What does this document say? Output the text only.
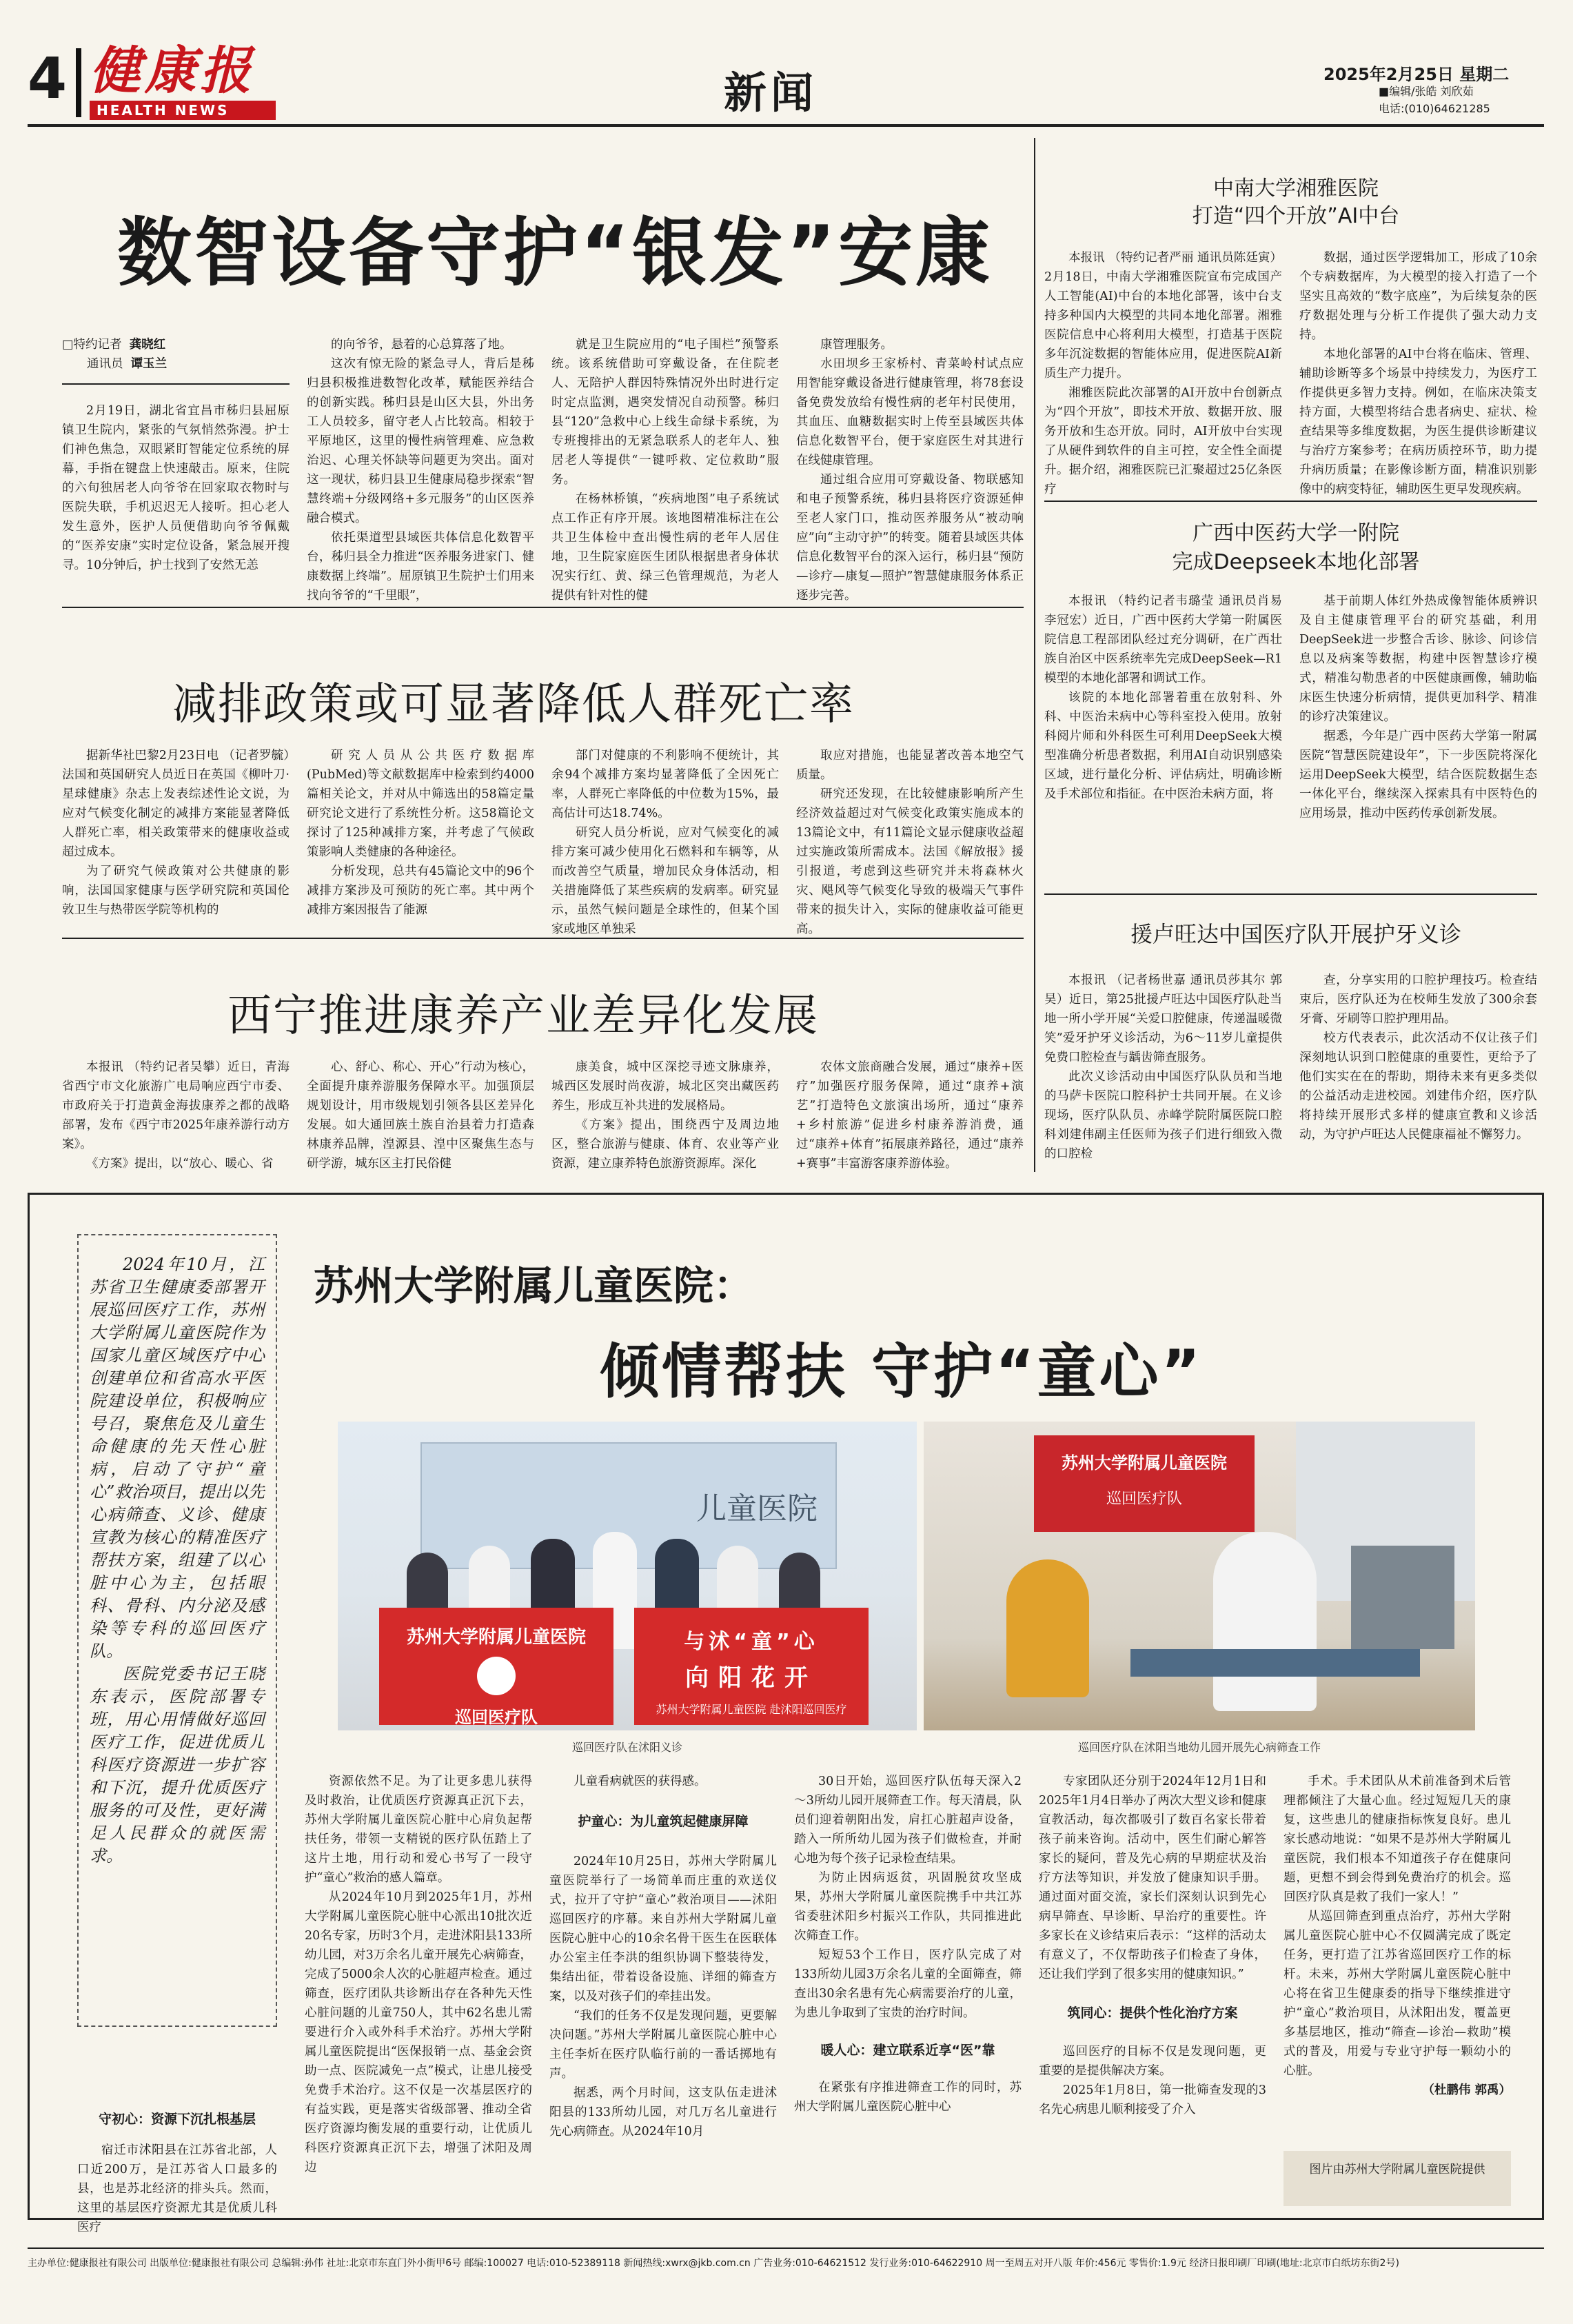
4 健康报
HEALTH NEWS	新闻	2025年2月25日 星期二
■编辑/张皓 刘欣茹
电话:(010)64621285
数智设备守护“银发”安康
□特约记者 龚晓红
通讯员 谭玉兰

2月19日，湖北省宜昌市秭归县屈原镇卫生院内，紧张的气氛悄然弥漫。护士们神色焦急，双眼紧盯智能定位系统的屏幕，手指在键盘上快速敲击。原来，住院的六旬独居老人向爷爷在回家取衣物时与医院失联，手机迟迟无人接听。担心老人发生意外，医护人员便借助向爷爷佩戴的“医养安康”实时定位设备，紧急展开搜寻。10分钟后，护士找到了安然无恙

的向爷爷，悬着的心总算落了地。

这次有惊无险的紧急寻人，背后是秭归县积极推进数智化改革，赋能医养结合的创新实践。秭归县是山区大县，外出务工人员较多，留守老人占比较高。相较于平原地区，这里的慢性病管理难、应急救治迟、心理关怀缺等问题更为突出。面对这一现状，秭归县卫生健康局稳步探索“智慧终端+分级网络+多元服务”的山区医养融合模式。

依托渠道型县域医共体信息化数智平台，秭归县全力推进“医养服务进家门、健康数据上终端”。屈原镇卫生院护士们用来找向爷爷的“千里眼”，

就是卫生院应用的“电子围栏”预警系统。该系统借助可穿戴设备，在住院老人、无陪护人群因特殊情况外出时进行定时定点监测，遇突发情况自动预警。秭归县“120”急救中心上线生命绿卡系统，为专班搜排出的无紧急联系人的老年人、独居老人等提供“一键呼救、定位救助”服务。

在杨林桥镇，“疾病地图”电子系统试点工作正有序开展。该地图精准标注在公共卫生体检中查出慢性病的老年人居住地，卫生院家庭医生团队根据患者身体状况实行红、黄、绿三色管理规范，为老人提供有针对性的健

康管理服务。

水田坝乡王家桥村、青菜岭村试点应用智能穿戴设备进行健康管理，将78套设备免费发放给有慢性病的老年村民使用，其血压、血糖数据实时上传至县域医共体信息化数智平台，便于家庭医生对其进行在线健康管理。

通过组合应用可穿戴设备、物联感知和电子预警系统，秭归县将医疗资源延伸至老人家门口，推动医养服务从“被动响应”向“主动守护”的转变。随着县域医共体信息化数智平台的深入运行，秭归县“预防—诊疗—康复—照护”智慧健康服务体系正逐步完善。

中南大学湘雅医院
打造“四个开放”AI中台

本报讯 （特约记者严丽 通讯员陈廷寅）2月18日，中南大学湘雅医院宣布完成国产人工智能(AI)中台的本地化部署，该中台支持多种国内大模型的共同本地化部署。湘雅医院信息中心将利用大模型，打造基于医院多年沉淀数据的智能体应用，促进医院AI新质生产力提升。

湘雅医院此次部署的AI开放中台创新点为“四个开放”，即技术开放、数据开放、服务开放和生态开放。同时，AI开放中台实现了从硬件到软件的自主可控，安全性全面提升。据介绍，湘雅医院已汇聚超过25亿条医疗

数据，通过医学逻辑加工，形成了10余个专病数据库，为大模型的接入打造了一个坚实且高效的“数字底座”，为后续复杂的医疗数据处理与分析工作提供了强大动力支持。

本地化部署的AI中台将在临床、管理、辅助诊断等多个场景中持续发力，为医疗工作提供更多智力支持。例如，在临床决策支持方面，大模型将结合患者病史、症状、检查结果等多维度数据，为医生提供诊断建议与治疗方案参考；在病历质控环节，助力提升病历质量；在影像诊断方面，精准识别影像中的病变特征，辅助医生更早发现疾病。

广西中医药大学一附院
完成Deepseek本地化部署

本报讯 （特约记者韦璐莹 通讯员肖易 李冠宏）近日，广西中医药大学第一附属医院信息工程部团队经过充分调研，在广西壮族自治区中医系统率先完成DeepSeek—R1模型的本地化部署和调试工作。

该院的本地化部署着重在放射科、外科、中医治未病中心等科室投入使用。放射科阅片师和外科医生可利用DeepSeek大模型准确分析患者数据，利用AI自动识别感染区域，进行量化分析、评估病灶，明确诊断及手术部位和指征。在中医治未病方面，将

基于前期人体红外热成像智能体质辨识及自主健康管理平台的研究基础，利用DeepSeek进一步整合舌诊、脉诊、问诊信息以及病案等数据，构建中医智慧诊疗模式，精准勾勒患者的中医健康画像，辅助临床医生快速分析病情，提供更加科学、精准的诊疗决策建议。

据悉，今年是广西中医药大学第一附属医院“智慧医院建设年”，下一步医院将深化运用DeepSeek大模型，结合医院数据生态一体化平台，继续深入探索具有中医特色的应用场景，推动中医药传承创新发展。

减排政策或可显著降低人群死亡率

据新华社巴黎2月23日电 （记者罗毓）法国和英国研究人员近日在英国《柳叶刀·星球健康》杂志上发表综述性论文说，为应对气候变化制定的减排方案能显著降低人群死亡率，相关政策带来的健康收益或超过成本。

为了研究气候政策对公共健康的影响，法国国家健康与医学研究院和英国伦敦卫生与热带医学院等机构的

研究人员从公共医疗数据库(PubMed)等文献数据库中检索到约4000篇相关论文，并对从中筛选出的58篇定量研究论文进行了系统性分析。这58篇论文探讨了125种减排方案，并考虑了气候政策影响人类健康的各种途径。

分析发现，总共有45篇论文中的96个减排方案涉及可预防的死亡率。其中两个减排方案因报告了能源

部门对健康的不利影响不便统计，其余94个减排方案均显著降低了全因死亡率，人群死亡率降低的中位数为15%，最高估计可达18.74%。

研究人员分析说，应对气候变化的减排方案可减少使用化石燃料和车辆等，从而改善空气质量，增加民众身体活动，相关措施降低了某些疾病的发病率。研究显示，虽然气候问题是全球性的，但某个国家或地区单独采

取应对措施，也能显著改善本地空气质量。

研究还发现，在比较健康影响所产生经济效益超过对气候变化政策实施成本的13篇论文中，有11篇论文显示健康收益超过实施政策所需成本。法国《解放报》援引报道，考虑到这些研究并未将森林火灾、飓风等气候变化导致的极端天气事件带来的损失计入，实际的健康收益可能更高。	援卢旺达中国医疗队开展护牙义诊

本报讯 （记者杨世嘉 通讯员莎其尔 郭昊）近日，第25批援卢旺达中国医疗队赴当地一所小学开展“关爱口腔健康，传递温暖微笑”爱牙护牙义诊活动，为6～11岁儿童提供免费口腔检查与龋齿筛查服务。

此次义诊活动由中国医疗队队员和当地的马萨卡医院口腔科护士共同开展。在义诊现场，医疗队队员、赤峰学院附属医院口腔科刘建伟副主任医师为孩子们进行细致入微的口腔检

查，分享实用的口腔护理技巧。检查结束后，医疗队还为在校师生发放了300余套牙膏、牙刷等口腔护理用品。

校方代表表示，此次活动不仅让孩子们深刻地认识到口腔健康的重要性，更给予了他们实实在在的帮助，期待未来有更多类似的公益活动走进校园。刘建伟介绍，医疗队将持续开展形式多样的健康宣教和义诊活动，为守护卢旺达人民健康福祉不懈努力。

西宁推进康养产业差异化发展

本报讯 （特约记者吴攀）近日，青海省西宁市文化旅游广电局响应西宁市委、市政府关于打造黄金海拔康养之都的战略部署，发布《西宁市2025年康养游行动方案》。

《方案》提出，以“放心、暖心、省

心、舒心、称心、开心”行动为核心，全面提升康养游服务保障水平。加强顶层规划设计，用市级规划引领各县区差异化发展。如大通回族土族自治县着力打造森林康养品牌，湟源县、湟中区聚焦生态与研学游，城东区主打民俗健

康美食，城中区深挖寻迹文脉康养，城西区发展时尚夜游，城北区突出藏医药养生，形成互补共进的发展格局。

《方案》提出，围绕西宁及周边地区，整合旅游与健康、体育、农业等产业资源，建立康养特色旅游资源库。深化

农体文旅商融合发展，通过“康养+医疗”加强医疗服务保障，通过“康养+演艺”打造特色文旅演出场所，通过“康养+乡村旅游”促进乡村康养游消费，通过“康养+体育”拓展康养路径，通过“康养+赛事”丰富游客康养游体验。

2024年10月，江苏省卫生健康委部署开展巡回医疗工作，苏州大学附属儿童医院作为国家儿童区域医疗中心创建单位和省高水平医院建设单位，积极响应号召，聚焦危及儿童生命健康的先天性心脏病，启动了守护“童心”救治项目，提出以先心病筛查、义诊、健康宣教为核心的精准医疗帮扶方案，组建了以心脏中心为主，包括眼科、骨科、内分泌及感染等专科的巡回医疗队。

医院党委书记王晓东表示，医院部署专班，用心用情做好巡回医疗工作，促进优质儿科医疗资源进一步扩容和下沉，提升优质医疗服务的可及性，更好满足人民群众的就医需求。

苏州大学附属儿童医院：
倾情帮扶 守护“童心”
儿童医院
苏州大学附属儿童医院
巡回医疗队
与沭“童”心
向阳花开
苏州大学附属儿童医院 赴沭阳巡回医疗
巡回医疗队在沭阳义诊
苏州大学附属儿童医院
巡回医疗队
巡回医疗队在沭阳当地幼儿园开展先心病筛查工作
守初心：资源下沉扎根基层

宿迁市沭阳县在江苏省北部，人口近200万，是江苏省人口最多的县，也是苏北经济的排头兵。然而，这里的基层医疗资源尤其是优质儿科医疗

资源依然不足。为了让更多患儿获得及时救治，让优质医疗资源真正沉下去，苏州大学附属儿童医院心脏中心肩负起帮扶任务，带领一支精锐的医疗队伍踏上了这片土地，用行动和爱心书写了一段守护“童心”救治的感人篇章。

从2024年10月到2025年1月，苏州大学附属儿童医院心脏中心派出10批次近20名专家，历时3个月，走进沭阳县133所幼儿园，对3万余名儿童开展先心病筛查，完成了5000余人次的心脏超声检查。通过筛查，医疗团队共诊断出存在各种先天性心脏问题的儿童750人，其中62名患儿需要进行介入或外科手术治疗。苏州大学附属儿童医院提出“医保报销一点、基金会资助一点、医院减免一点”模式，让患儿接受免费手术治疗。这不仅是一次基层医疗的有益实践，更是落实省级部署、推动全省医疗资源均衡发展的重要行动，让优质儿科医疗资源真正沉下去，增强了沭阳及周边

儿童看病就医的获得感。

护童心：为儿童筑起健康屏障

2024年10月25日，苏州大学附属儿童医院举行了一场简单而庄重的欢送仪式，拉开了守护“童心”救治项目——沭阳巡回医疗的序幕。来自苏州大学附属儿童医院心脏中心的10余名骨干医生在医联体办公室主任李洪的组织协调下整装待发，集结出征，带着设备设施、详细的筛查方案，以及对孩子们的牵挂出发。

“我们的任务不仅是发现问题，更要解决问题。”苏州大学附属儿童医院心脏中心主任李炘在医疗队临行前的一番话掷地有声。

据悉，两个月时间，这支队伍走进沭阳县的133所幼儿园，对几万名儿童进行先心病筛查。从2024年10月

30日开始，巡回医疗队伍每天深入2～3所幼儿园开展筛查工作。每天清晨，队员们迎着朝阳出发，肩扛心脏超声设备，踏入一所所幼儿园为孩子们做检查，并耐心地为每个孩子记录检查结果。

为防止因病返贫，巩固脱贫攻坚成果，苏州大学附属儿童医院携手中共江苏省委驻沭阳乡村振兴工作队，共同推进此次筛查工作。

短短53个工作日，医疗队完成了对133所幼儿园3万余名儿童的全面筛查，筛查出30余名患有先心病需要治疗的儿童，为患儿争取到了宝贵的治疗时间。

暖人心：建立联系近享“医”靠

在紧张有序推进筛查工作的同时，苏州大学附属儿童医院心脏中心

专家团队还分别于2024年12月1日和2025年1月4日举办了两次大型义诊和健康宣教活动，每次都吸引了数百名家长带着孩子前来咨询。活动中，医生们耐心解答家长的疑问，普及先心病的早期症状及治疗方法等知识，并发放了健康知识手册。通过面对面交流，家长们深刻认识到先心病早筛查、早诊断、早治疗的重要性。许多家长在义诊结束后表示：“这样的活动太有意义了，不仅帮助孩子们检查了身体，还让我们学到了很多实用的健康知识。”

筑同心：提供个性化治疗方案

巡回医疗的目标不仅是发现问题，更重要的是提供解决方案。

2025年1月8日，第一批筛查发现的3名先心病患儿顺利接受了介入

手术。手术团队从术前准备到术后管理都倾注了大量心血。经过短短几天的康复，这些患儿的健康指标恢复良好。患儿家长感动地说：“如果不是苏州大学附属儿童医院，我们根本不知道孩子存在健康问题，更想不到会得到免费治疗的机会。巡回医疗队真是救了我们一家人！”

从巡回筛查到重点治疗，苏州大学附属儿童医院心脏中心不仅圆满完成了既定任务，更打造了江苏省巡回医疗工作的标杆。未来，苏州大学附属儿童医院心脏中心将在省卫生健康委的指导下继续推进守护“童心”救治项目，从沭阳出发，覆盖更多基层地区，推动“筛查—诊治—救助”模式的普及，用爱与专业守护每一颗幼小的心脏。

（杜鹏伟 郭禹）
图片由苏州大学附属儿童医院提供
主办单位:健康报社有限公司 出版单位:健康报社有限公司 总编辑:孙伟 社址:北京市东直门外小街甲6号 邮编:100027 电话:010-52389118 新闻热线:xwrx@jkb.com.cn 广告业务:010-64621512 发行业务:010-64622910 周一至周五对开八版 年价:456元 零售价:1.9元 经济日报印刷厂印刷(地址:北京市白纸坊东街2号)
